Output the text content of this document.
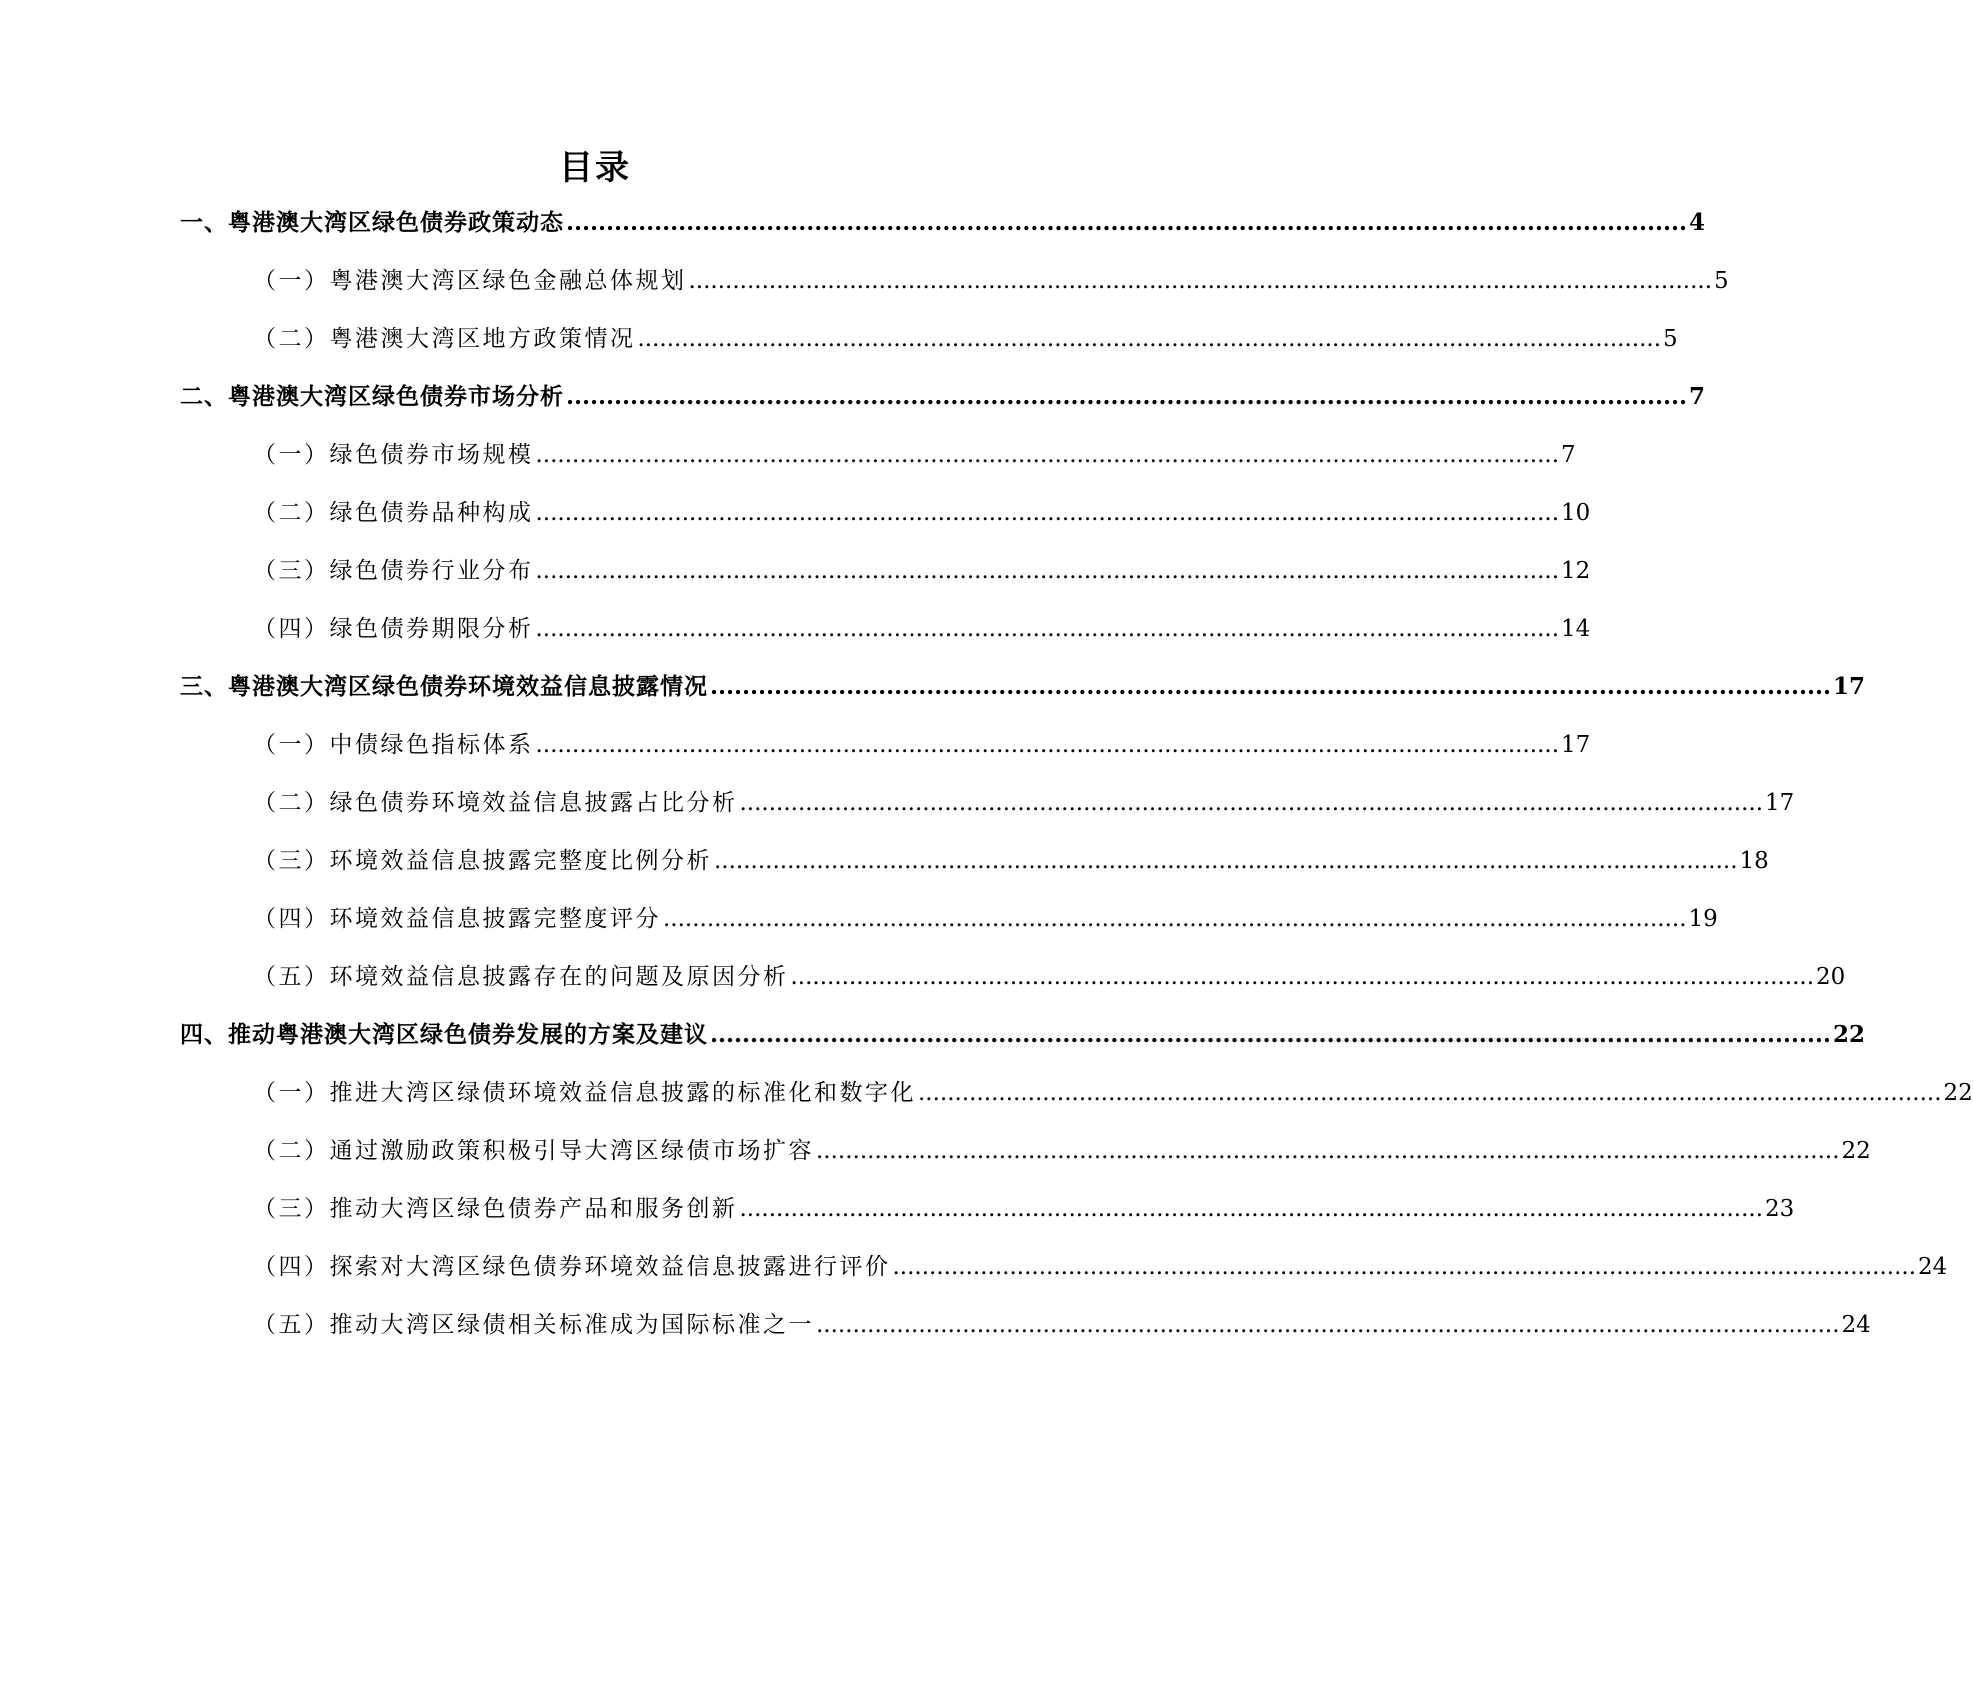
目录
一、粤港澳大湾区绿色债券政策动态 ............................................................................................................................................ 4
（一）粤港澳大湾区绿色金融总体规划 ............................................................................................................................................ 5
（二）粤港澳大湾区地方政策情况 ............................................................................................................................................ 5
二、粤港澳大湾区绿色债券市场分析 ............................................................................................................................................ 7
（一）绿色债券市场规模 ............................................................................................................................................ 7
（二）绿色债券品种构成 ............................................................................................................................................ 10
（三）绿色债券行业分布 ............................................................................................................................................ 12
（四）绿色债券期限分析 ............................................................................................................................................ 14
三、粤港澳大湾区绿色债券环境效益信息披露情况 ............................................................................................................................................ 17
（一）中债绿色指标体系 ............................................................................................................................................ 17
（二）绿色债券环境效益信息披露占比分析 ............................................................................................................................................ 17
（三）环境效益信息披露完整度比例分析 ............................................................................................................................................ 18
（四）环境效益信息披露完整度评分 ............................................................................................................................................ 19
（五）环境效益信息披露存在的问题及原因分析 ............................................................................................................................................ 20
四、推动粤港澳大湾区绿色债券发展的方案及建议 ............................................................................................................................................ 22
（一）推进大湾区绿债环境效益信息披露的标准化和数字化 ............................................................................................................................................ 22
（二）通过激励政策积极引导大湾区绿债市场扩容 ............................................................................................................................................ 22
（三）推动大湾区绿色债券产品和服务创新 ............................................................................................................................................ 23
（四）探索对大湾区绿色债券环境效益信息披露进行评价 ............................................................................................................................................ 24
（五）推动大湾区绿债相关标准成为国际标准之一 ............................................................................................................................................ 24
